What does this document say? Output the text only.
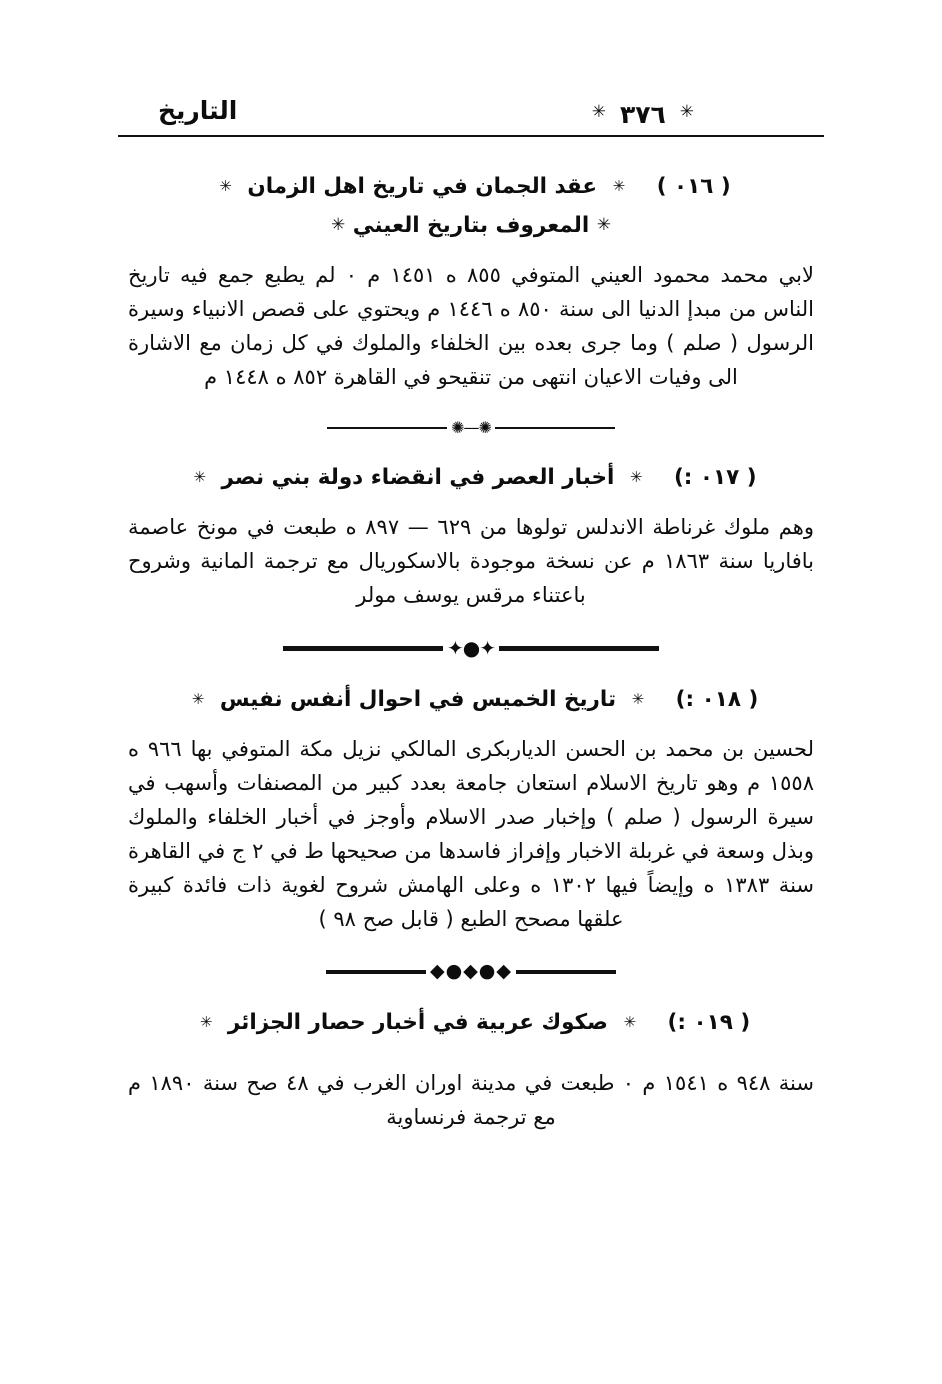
✳
٣٧٦
✳
التاريخ
( ٠١٦ ) ✳ عقد الجمان في تاريخ اهل الزمان ✳
✳ المعروف بتاريخ العيني ✳
لابي محمد محمود العيني المتوفي ٨٥٥ ه ١٤٥١ م ٠ لم يطبع جمع فيه تاريخ الناس من مبدإ الدنيا الى سنة ٨٥٠ ه ١٤٤٦ م ويحتوي على قصص الانبياء وسيرة الرسول ( صلم ) وما جرى بعده بين الخلفاء والملوك في كل زمان مع الاشارة الى وفيات الاعيان انتهى من تنقيحو في القاهرة ٨٥٢ ه ١٤٤٨ م
✺—✺
( ٠١٧ :) ✳ أخبار العصر في انقضاء دولة بني نصر ✳
وهم ملوك غرناطة الاندلس تولوها من ٦٢٩ — ٨٩٧ ه طبعت في مونخ عاصمة بافاريا سنة ١٨٦٣ م عن نسخة موجودة بالاسكوريال مع ترجمة المانية وشروح باعتناء مرقس يوسف مولر
✦●✦
( ٠١٨ :) ✳ تاريخ الخميس في احوال أنفس نفيس ✳
لحسين بن محمد بن الحسن الدياربكرى المالكي نزيل مكة المتوفي بها ٩٦٦ ه ١٥٥٨ م وهو تاريخ الاسلام استعان جامعة بعدد كبير من المصنفات وأسهب في سيرة الرسول ( صلم ) وإخبار صدر الاسلام وأوجز في أخبار الخلفاء والملوك وبذل وسعة في غربلة الاخبار وإفراز فاسدها من صحيحها ط في ٢ ج في القاهرة سنة ١٣٨٣ ه وإيضاً فيها ١٣٠٢ ه وعلى الهامش شروح لغوية ذات فائدة كبيرة علقها مصحح الطبع ( قابل صح ٩٨ )
◆●◆●◆
( ٠١٩ :) ✳ صكوك عربية في أخبار حصار الجزائر ✳
سنة ٩٤٨ ه ١٥٤١ م ٠ طبعت في مدينة اوران الغرب في ٤٨ صح سنة ١٨٩٠ م مع ترجمة فرنساوية
